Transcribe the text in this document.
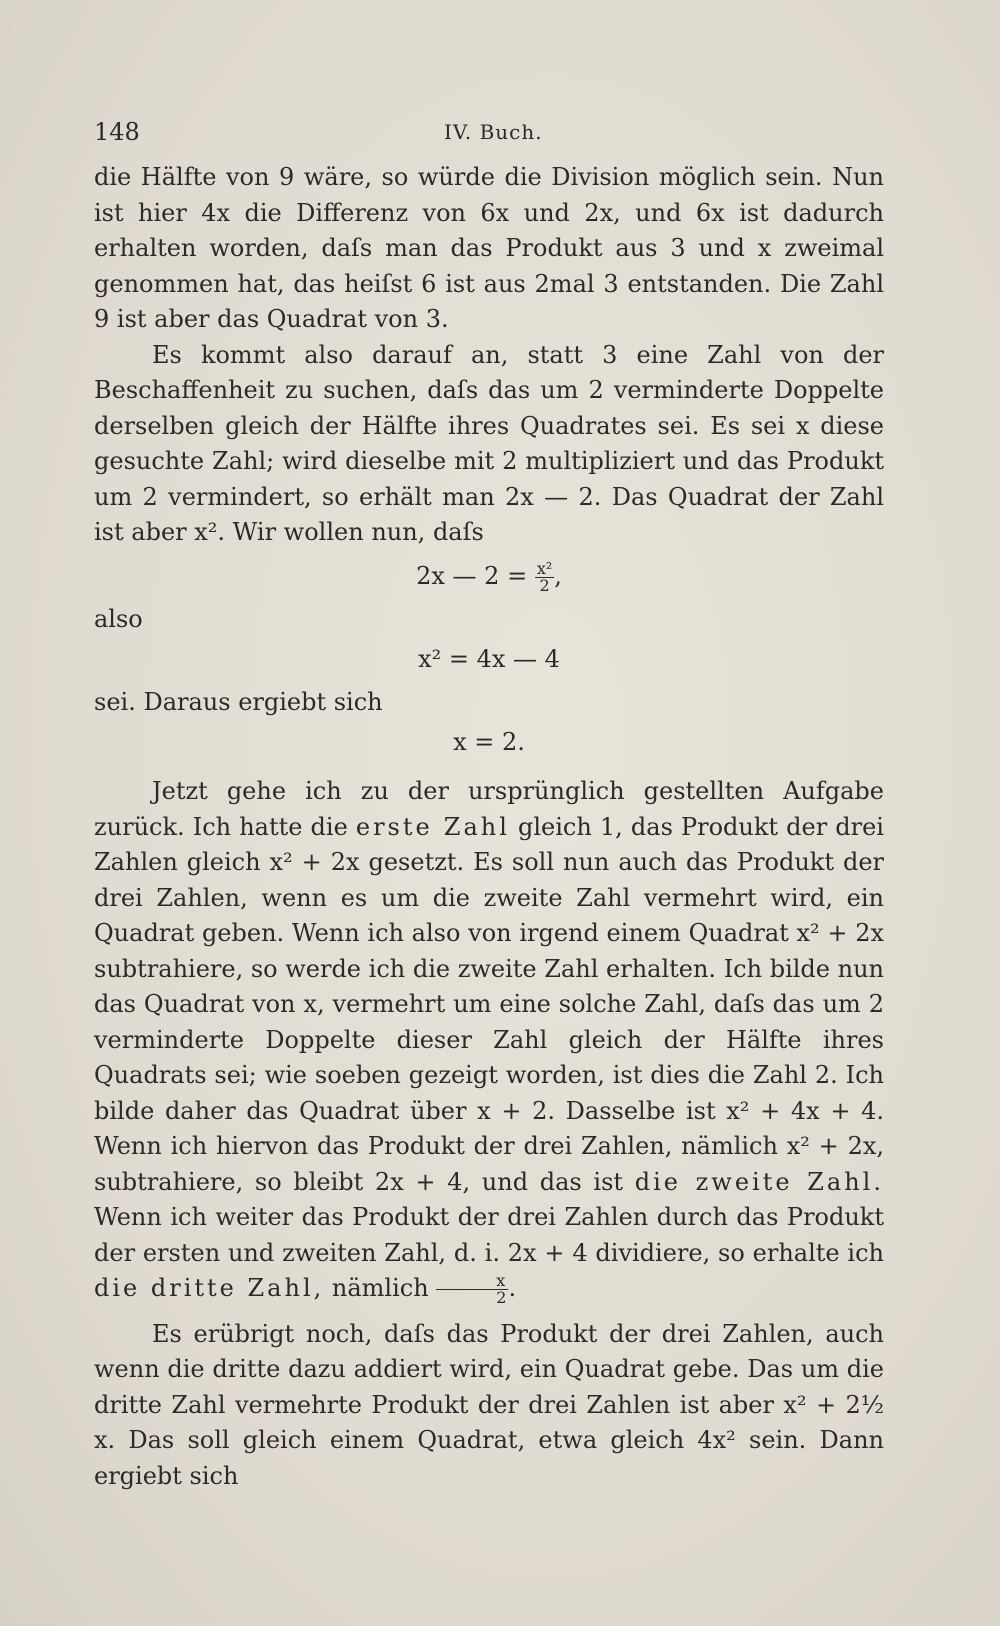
148	IV. Buch.

die Hälfte von 9 wäre, so würde die Division möglich sein. Nun ist hier 4x die Differenz von 6x und 2x, und 6x ist dadurch erhalten worden, daſs man das Produkt aus 3 und x zweimal genommen hat, das heiſst 6 ist aus 2mal 3 entstanden. Die Zahl 9 ist aber das Quadrat von 3.

Es kommt also darauf an, statt 3 eine Zahl von der Beschaffenheit zu suchen, daſs das um 2 verminderte Doppelte derselben gleich der Hälfte ihres Quadrates sei. Es sei x diese gesuchte Zahl; wird dieselbe mit 2 multipliziert und das Produkt um 2 vermindert, so erhält man 2x — 2. Das Quadrat der Zahl ist aber x². Wir wollen nun, daſs

2x — $2 = \frac{\text{x²}}{2}$ ,

also

x² = 4x — 4

sei. Daraus ergiebt sich

x = 2.

Jetzt gehe ich zu der ursprünglich gestellten Aufgabe zurück. Ich hatte die erste Zahl gleich 1, das Produkt der drei Zahlen gleich x² + 2x gesetzt. Es soll nun auch das Produkt der drei Zahlen, wenn es um die zweite Zahl vermehrt wird, ein Quadrat geben. Wenn ich also von irgend einem Quadrat x² + 2x subtrahiere, so werde ich die zweite Zahl erhalten. Ich bilde nun das Quadrat von x, vermehrt um eine solche Zahl, daſs das um 2 verminderte Doppelte dieser Zahl gleich der Hälfte ihres Quadrats sei; wie soeben gezeigt worden, ist dies die Zahl 2. Ich bilde daher das Quadrat über x + 2. Dasselbe ist x² + 4x + 4. Wenn ich hiervon das Produkt der drei Zahlen, nämlich x² + 2x, subtrahiere, so bleibt 2x + 4, und das ist die zweite Zahl. Wenn ich weiter das Produkt der drei Zahlen durch das Produkt der ersten und zweiten Zahl, d. i. 2x + 4 dividiere, so erhalte ich die dritte Zahl, nämlich $\frac{x}{2}$ .

Es erübrigt noch, daſs das Produkt der drei Zahlen, auch wenn die dritte dazu addiert wird, ein Quadrat gebe. Das um die dritte Zahl vermehrte Produkt der drei Zahlen ist aber x² + 2½ x. Das soll gleich einem Quadrat, etwa gleich 4x² sein. Dann ergiebt sich
